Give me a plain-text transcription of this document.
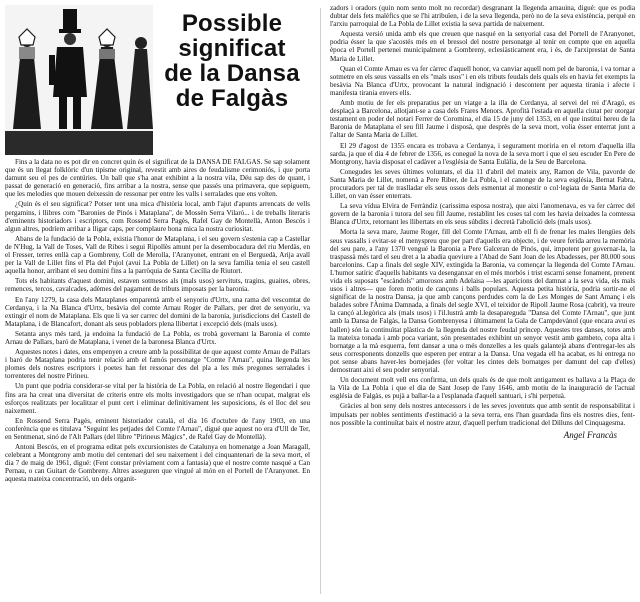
Possible
significat
de la Dansa
de Falgàs

Fins a la data no es pot dir en concret quin és el significat de la DANSA DE FALGAS. Se sap solament que és un llegat folklòric d'un tipisme original, revestit amb aires de feudalisme cerimoniós, i que porta damunt seu el pes de centúries. Un ball que s'ha anat exhibint a la nostra vila, Déu sap des de quant, i passat de generació en generació, fins arribar a la nostra, sense que passés una primavera, que sepiguem, que les melodies que mouen deixessin de ressonar per entre les valls i serralades que ens volten.

¿Quin és el seu significat? Potser tent una mica d'història local, amb l'ajut d'apunts arrencats de vells pergamins, i llibres com "Baronies de Pinós i Mataplana", de Mossèn Serra Vilaró... i de treballs literaris d'eminents historiadors i escriptors, com Rossend Serra Pagès, Rafel Gay de Montellà, Anton Bescós i algun altres, podríem arribar a lligar caps, per complaure bona mica la nostra curiositat.

Abans de la fundació de la Pobla, existia l'honor de Mataplana, i el seu govern s'estenia cap a Castellar de N'Hug, la Vall de Toses, Vall de Ribes i segui Ripollès amunt per la desembocadura del riu Merdàs, en el Fresser, terres enllà cap a Gombrenу, Coll de Merolla, l'Aranyonet, entrant en el Berguedà, Arija avall per la Vall de Lillet fins el Pla del Pujol (avui La Pobla de Lillet) on la seva família tenia el seu castell aquella honor, arribant el seu domini fins a la parròquia de Santa Cecília de Riutort.

Tots els habitants d'aquest domini, estaven sotmesos als (mals usos) servituts, tragins, guaites, obres, remences, tercos, cavalcades, adèmes del pagament de tributs imposats per la baronia.

En l'any 1279, la casa dels Mataplanes emparentà amb el senyoriu d'Urtx, una rama del vescomtat de Cerdanya, i la Na Blanca d'Urtx, besàvia del comte Arnau Roger de Pallars, per dret de senyoriu, va extingir el nom de Mataplana. Els que li va ser carrec del domini de la baronia, jurisdiccions del Castell de Mataplana, i de Blancafort, donant als seus pobladors plena llibertat i excepció dels (mals usos).

Setanta anys més tard, ja endoina la fundació de La Pobla, es trobà governant la Baronia el comte Arnau de Pallars, baró de Mataplana, i venet de la baronesa Blanca d'Urtx.

Aquestes notes i dates, ens empenyen a creure amb la possibilitat de que aquest comte Arnau de Pallars i baró de Mataplana podria tenir relació amb el famós personatge "Comte l'Arnau", quina llegenda les plomes dels nostres escriptors i poetes han fet ressonar des del pla a les més pregones serralades i torrenteres del nostre Pirineu.

Un punt que podria considerar-se vital per la història de La Pobla, en relació al nostre llegendari i que fins ara ha creat una diversitat de criteris entre els molts investigadors que se n'han ocupat, malgrat els esforços realitzats per localitzar el punt cert i eliminar definitivament les suposicions, és el lloc del seu naixement.

En Rossend Serra Pagès, eminent historiador català, el dia 16 d'octubre de l'any 1903, en una conferència que es titulava "Seguint les petjades del Comte l'Arnau", digué que aquest no era d'Ull de Ter, en Sentmenat, sinó de l'Alt Pallars (del llibre "Pirineus Màgics", de Rafel Gay de Montellà).

Antoni Bescós, en el programa editat pels excursionistes de Catalunya en homenatge a Joan Maragall, celebrant a Montgrony amb motiu del centenari del seu naixement i del cinquantenari de la seva mort, el dia 7 de maig de 1961, digué: (Fent constar prèviament com a fantasia) que el nostre comte nasqué a Can Pernau, o can Guitart de Gombreny. Altres asseguren que vingué al món en el Portell de l'Aranyonet. En aquesta mateixa concentració, un dels organit-

zadors i oradors (quin nom sento molt no recordar) desgranant la llegenda arnauina, digué: que es podia dubtar dels fets malèfics que se l'hi atribuïen, i de la seva llegenda, però no de la seva existència, perquè en l'arxiu parroquial de La Pobla de Lillet existia la seva partida de naixement.

Aquesta versió unida amb els que creuen que nasqué en la senyorial casa del Portell de l'Aranyonet, podria ésser la que s'acostés més en el bressol del nostre personatge al tenir en compte que en aquella època el Portell pertenei municipalment a Gombreny, eclesiàsticament era, i és, de l'arxiprestat de Santa Maria de Lillet.

Quan el Comte Arnau es va fer càrrec d'aquell honor, va canviar aquell nom pel de baronia, i va tornar a sotmetre en els seus vassalls en els "mals usos" i en els tributs feudals dels quals els en havia fet exempts la besàvia Na Blanca d'Urtx, provocant la natural indignació i descontent per aquesta tirania i afecte i manifesta tirania envers ells.

Amb motiu de fer els preparatius per un viatge a la illa de Cerdanya, al servei del rei d'Aragó, es desplaçà a Barcelona, allotjant-se a casa dels Frares Menors. Aprofità l'estada en aquella ciutat per otorgar testament en poder del notari Ferrer de Coromina, el dia 15 de juny del 1353, en el que institui hereu de la Baronia de Mataplana el seu fill Jaume i disposà, que desprès de la seva mort, volia ésser enterrat junt a l'altar de Santa Maria de Lillet.

El 29 d'agost de 1355 encara es trobava a Cerdanya, i segurament moriria en el retorn d'aquella illa sarda, ja que el dia 4 de febrer de 1356, es conegué la nova de la seva mort i que el seu escuder En Pere de Montgrony, havia disposat el cadàver a l'església de Santa Eulàlia, de la Seu de Barcelona.

Conegudes les seves últimes voluntats, el dia 11 d'abril del mateix any, Ramon de Vila, pavorde de Santa Maria de Lillet, nomenà a Pere Riber, de La Pobla, i el canonge de la seva església, Bernat Fabra, procuradors per tal de traslladar els seus ossos dels esmentat al monestir o col·legiata de Santa Maria de Lillet, on van ésser enterrats.

La seva vídua Elvira de Ferràndiz (carissima esposa nostra), que aixi l'anomenava, es va fer càrrec del govern de la baronia i tutora del seu fill Jaume, restablint les coses tal com les havia deixades la comtessa Blanca d'Urtx, retornant les llibertats en els seus súbdits i decretà l'abolició dels (mals usos).

Morta la seva mare, Jaume Roger, fill del Comte l'Arnau, amb ell fi de frenar les males llengües dels seus vassalls i evitar-se el menyspreu que per part d'aquells era objecte, i de veure ferida arreu la memòria del seu pare, a l'any 1370 vengué la Baronia a Pere Galceran de Pinós, qui, impotent per governar-la, la traspassà més tard el seu dret a la abadia queviure a l'Abad de Sant Joan de les Abadesses, per 80.000 sous barcelonins. Cap a finals del segle XIV, extingida la Baronia, va començar la llegenda del Comte l'Arnau. L'humor satíric d'aquells habitants va desenganxar en el més morbós i trist escarni sense fonament, prenent vida els suposats "escàndols" amorosos amb Adelaisa —les aparicions del damnat a la seva vida, els mals usos i altres— que foren motiu de cançons i balls populars. Aquesta petita història, podria sortir-ne el significat de la nostra Dansa, ja que amb cançons perdudes com la de Les Monges de Sant Amanç i els balades sobre l'Ànima Damnada, a finals del segle XVI, el teixidor de Ripoll Jaume Rosa (cabrit), va treure la cançó al.legòrica als (mals usos) i l'il.lustrà amb la desapareguda "Dansa del Comte l'Arnau", que junt amb la Dansa de Falgàs, la Dansa Gombrenyesa i últimament la Gala de Campdevànol (que encara avui es ballen) són la continuïtat plàstica de la llegenda del nostre feudal príncep. Aquestes tres danses, totes amb la mateixa tonada i amb poca variant, són presentades exhibint un senyor vestit amb gambeto, copa alta i bornatge a la mà esquerra, fent dansar a una o més donzelles a les quals galantejà abans d'entregar-les als seus corresponents donzells que esperen per entrar a la Dansa. Una vegada ell ha acabat, es hi entrega no pot sense abans haver-les bornejades (fer voltar les cintes dels bornatges per damunt del cap d'elles) demostrant aixi el seu poder senyorial.

Un document molt vell ens confirma, un dels quals és de que molt antigament es ballava a la Plaça de la Vila de La Pobla i que el dia de Sant Josep de l'any 1646, amb motiu de la inauguració de l'actual església de Falgàs, es pujà a ballar-la a l'esplanada d'aquell santuari, i s'hi perpetuà.

Gràcies al bon seny dels nostres antecessors i de les seves joventuts que amb sentit de responsabilitat i impulsats per nobles sentiments d'estimació a la seva terra, ens l'han guardada fins els nostres dies, fent-nos possible la continuïtat baix el nostre atzur, d'aquell perfum tradicional del Dilluns del Cinquagesma.

Angel Francàs
